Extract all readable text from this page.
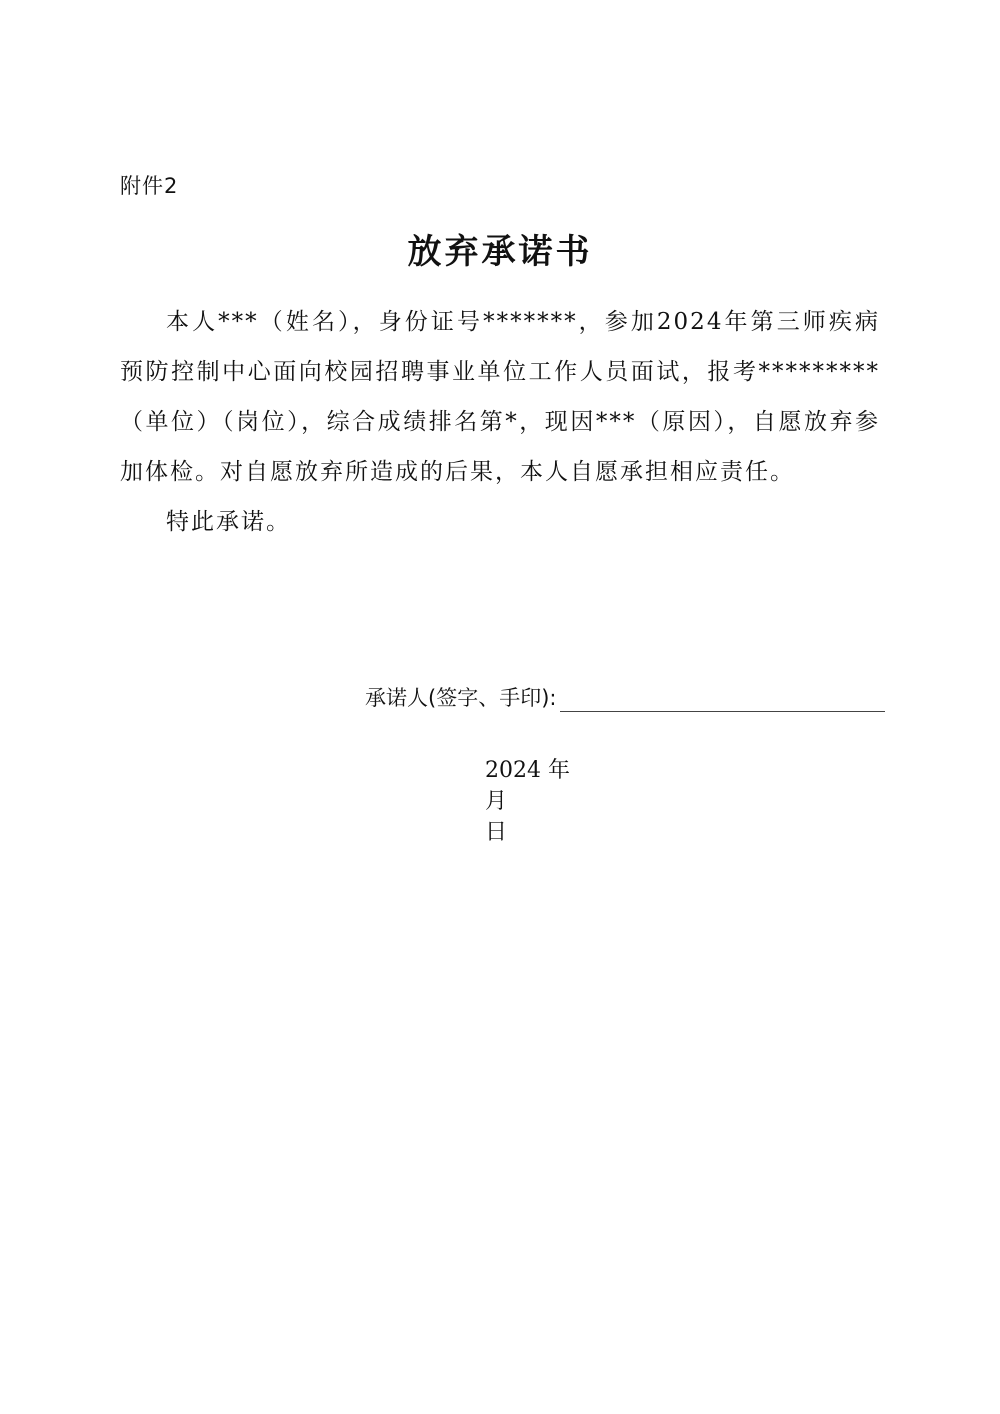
附件2
放弃承诺书

本人***（姓名），身份证号*******，参加2024年第三师疾病预防控制中心面向校园招聘事业单位工作人员面试，报考*********（单位）（岗位），综合成绩排名第*，现因***（原因），自愿放弃参加体检。对自愿放弃所造成的后果，本人自愿承担相应责任。

特此承诺。

承诺人(签字、手印):

2024 年
月
日
